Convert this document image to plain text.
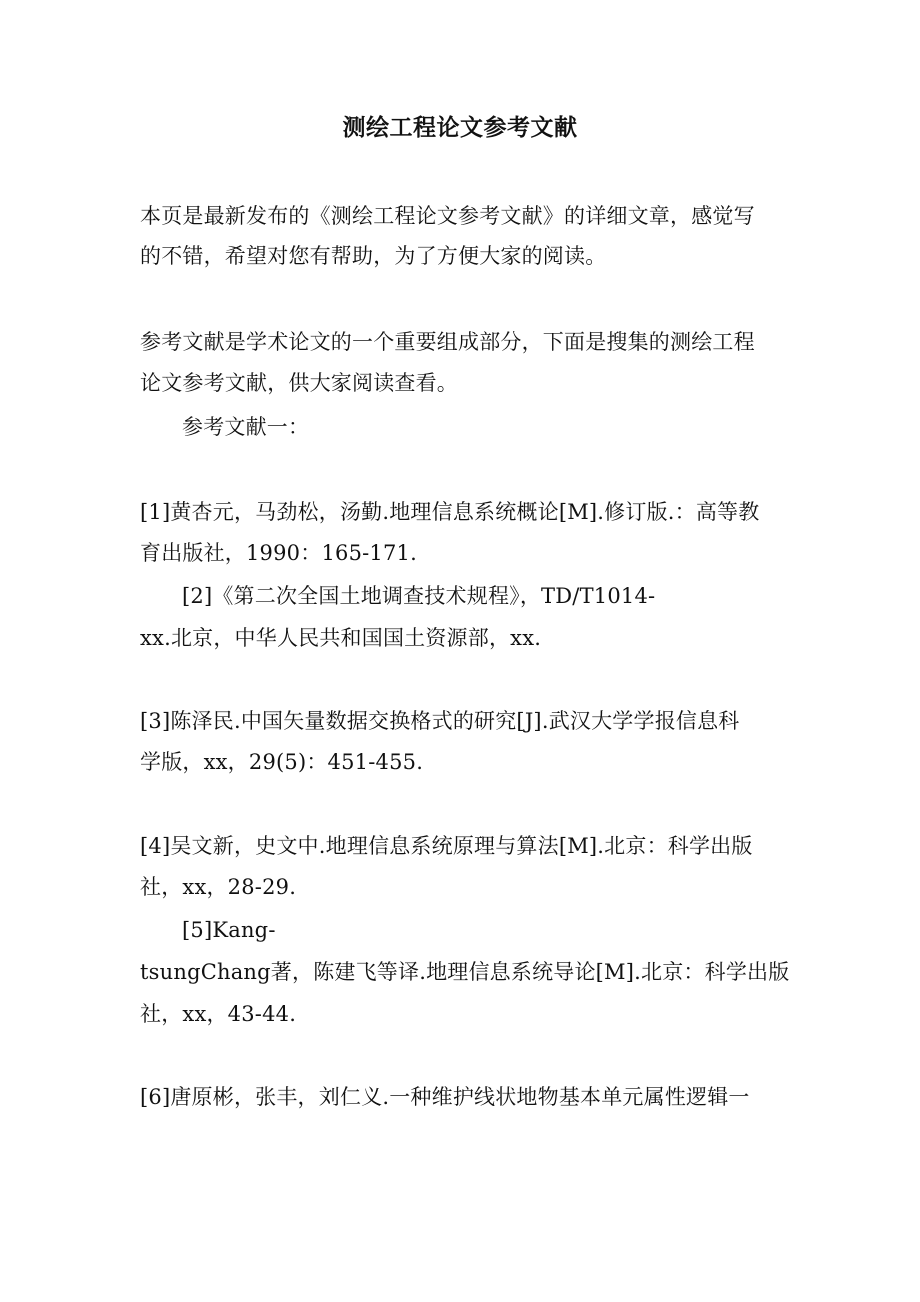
测绘工程论文参考文献
本页是最新发布的《测绘工程论文参考文献》的详细文章，感觉写
的不错，希望对您有帮助，为了方便大家的阅读。
参考文献是学术论文的一个重要组成部分，下面是搜集的测绘工程
论文参考文献，供大家阅读查看。
参考文献一：
[1]黄杏元，马劲松，汤勤.地理信息系统概论[M].修订版.：高等教
育出版社，1990：165-171.
[2]《第二次全国土地调查技术规程》，TD/T1014-
xx.北京，中华人民共和国国土资源部，xx.
[3]陈泽民.中国矢量数据交换格式的研究[J].武汉大学学报信息科
学版，xx，29(5)：451-455.
[4]吴文新，史文中.地理信息系统原理与算法[M].北京：科学出版
社，xx，28-29.
[5]Kang-
tsungChang著，陈建飞等译.地理信息系统导论[M].北京：科学出版
社，xx，43-44.
[6]唐原彬，张丰，刘仁义.一种维护线状地物基本单元属性逻辑一
